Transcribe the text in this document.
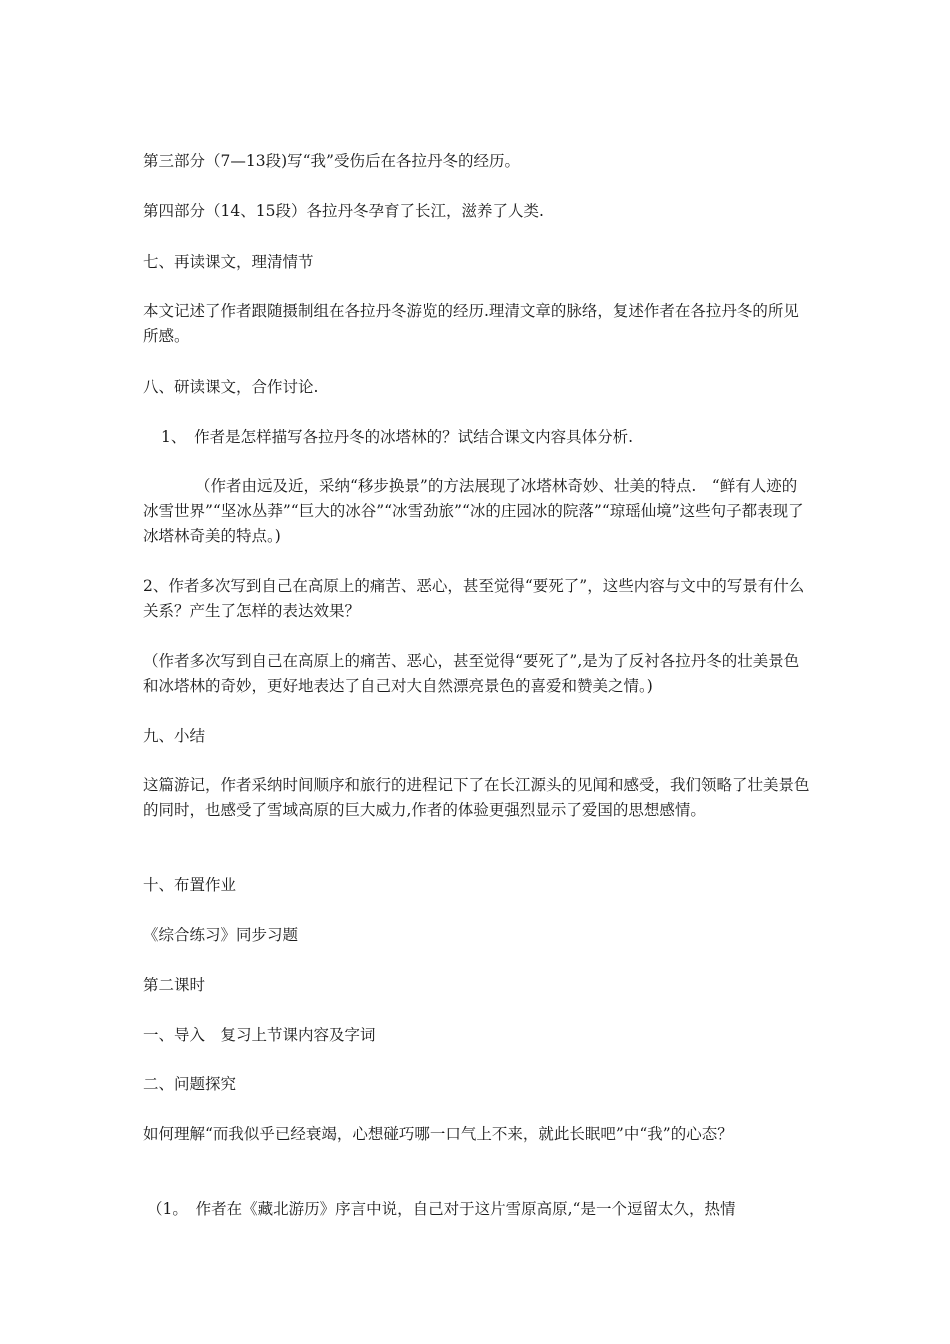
第三部分（7—13段)写“我”受伤后在各拉丹冬的经历。
第四部分（14、15段）各拉丹冬孕育了长江，滋养了人类.
七、再读课文，理清情节
本文记述了作者跟随摄制组在各拉丹冬游览的经历.理清文章的脉络，复述作者在各拉丹冬的所见所感。
八、研读课文，合作讨论.
1、　作者是怎样描写各拉丹冬的冰塔林的？试结合课文内容具体分析.
（作者由远及近，采纳“移步换景”的方法展现了冰塔林奇妙、壮美的特点.　“鲜有人迹的冰雪世界”“坚冰丛莽”“巨大的冰谷”“冰雪劲旅”“冰的庄园冰的院落”“琼瑶仙境”这些句子都表现了冰塔林奇美的特点。)
2、作者多次写到自己在高原上的痛苦、恶心，甚至觉得“要死了”，这些内容与文中的写景有什么关系？产生了怎样的表达效果？
（作者多次写到自己在高原上的痛苦、恶心，甚至觉得“要死了”,是为了反衬各拉丹冬的壮美景色和冰塔林的奇妙，更好地表达了自己对大自然漂亮景色的喜爱和赞美之情。)
九、小结
这篇游记，作者采纳时间顺序和旅行的进程记下了在长江源头的见闻和感受，我们领略了壮美景色的同时，也感受了雪域高原的巨大威力,作者的体验更强烈显示了爱国的思想感情。
十、布置作业
《综合练习》同步习题
第二课时
一、导入　复习上节课内容及字词
二、问题探究
如何理解“而我似乎已经衰竭，心想碰巧哪一口气上不来，就此长眠吧”中“我”的心态？
（1。　作者在《藏北游历》序言中说，自己对于这片雪原高原,“是一个逗留太久，热情
